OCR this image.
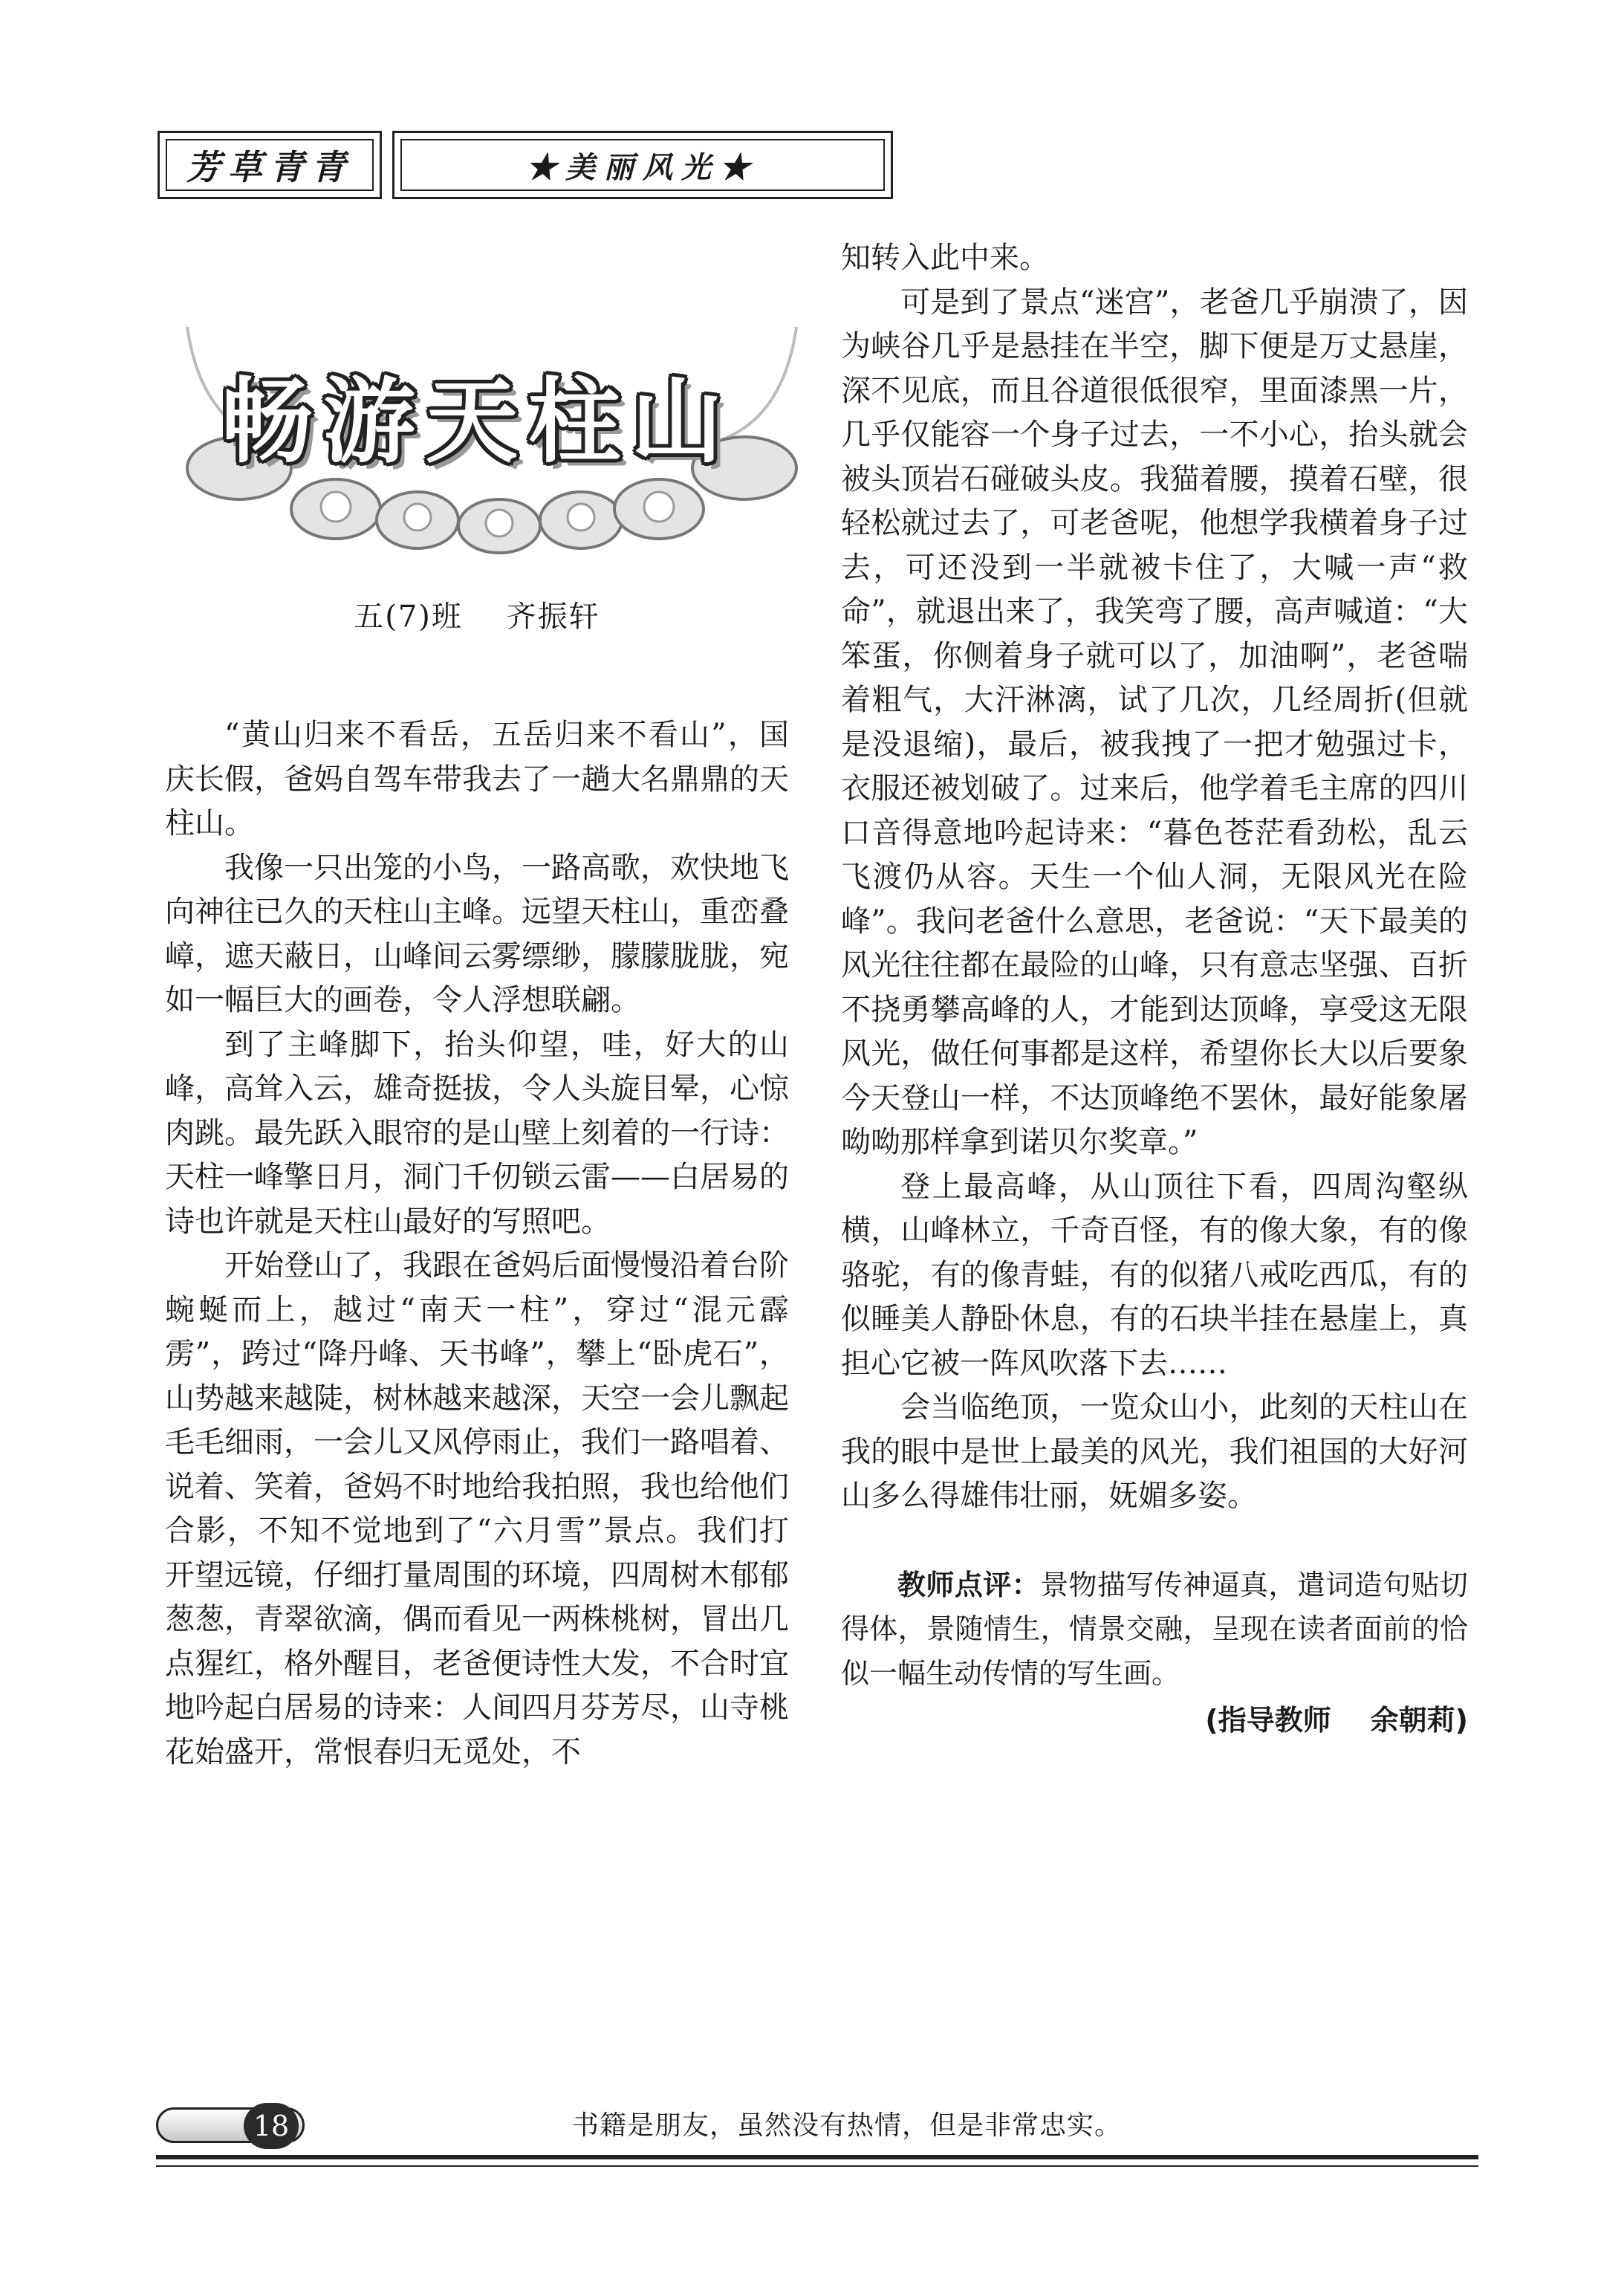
芳草青青	★美丽风光★
畅游天柱山
五(7)班    齐振轩

“黄山归来不看岳，五岳归来不看山”，国庆长假，爸妈自驾车带我去了一趟大名鼎鼎的天柱山。

我像一只出笼的小鸟，一路高歌，欢快地飞向神往已久的天柱山主峰。远望天柱山，重峦叠嶂，遮天蔽日，山峰间云雾缥缈，朦朦胧胧，宛如一幅巨大的画卷，令人浮想联翩。

到了主峰脚下，抬头仰望，哇，好大的山峰，高耸入云，雄奇挺拔，令人头旋目晕，心惊肉跳。最先跃入眼帘的是山壁上刻着的一行诗：天柱一峰擎日月，洞门千仞锁云雷——白居易的诗也许就是天柱山最好的写照吧。

开始登山了，我跟在爸妈后面慢慢沿着台阶蜿蜒而上，越过“南天一柱”，穿过“混元霹雳”，跨过“降丹峰、天书峰”，攀上“卧虎石”，山势越来越陡，树林越来越深，天空一会儿飘起毛毛细雨，一会儿又风停雨止，我们一路唱着、说着、笑着，爸妈不时地给我拍照，我也给他们合影，不知不觉地到了“六月雪”景点。我们打开望远镜，仔细打量周围的环境，四周树木郁郁葱葱，青翠欲滴，偶而看见一两株桃树，冒出几点猩红，格外醒目，老爸便诗性大发，不合时宜地吟起白居易的诗来：人间四月芬芳尽，山寺桃花始盛开，常恨春归无觅处，不

知转入此中来。

可是到了景点“迷宫”，老爸几乎崩溃了，因为峡谷几乎是悬挂在半空，脚下便是万丈悬崖，深不见底，而且谷道很低很窄，里面漆黑一片，几乎仅能容一个身子过去，一不小心，抬头就会被头顶岩石碰破头皮。我猫着腰，摸着石壁，很轻松就过去了，可老爸呢，他想学我横着身子过去，可还没到一半就被卡住了，大喊一声“救命”，就退出来了，我笑弯了腰，高声喊道：“大笨蛋，你侧着身子就可以了，加油啊”，老爸喘着粗气，大汗淋漓，试了几次，几经周折(但就是没退缩)，最后，被我拽了一把才勉强过卡，衣服还被划破了。过来后，他学着毛主席的四川口音得意地吟起诗来：“暮色苍茫看劲松，乱云飞渡仍从容。天生一个仙人洞，无限风光在险峰”。我问老爸什么意思，老爸说：“天下最美的风光往往都在最险的山峰，只有意志坚强、百折不挠勇攀高峰的人，才能到达顶峰，享受这无限风光，做任何事都是这样，希望你长大以后要象今天登山一样，不达顶峰绝不罢休，最好能象屠呦呦那样拿到诺贝尔奖章。”

登上最高峰，从山顶往下看，四周沟壑纵横，山峰林立，千奇百怪，有的像大象，有的像骆驼，有的像青蛙，有的似猪八戒吃西瓜，有的似睡美人静卧休息，有的石块半挂在悬崖上，真担心它被一阵风吹落下去……

会当临绝顶，一览众山小，此刻的天柱山在我的眼中是世上最美的风光，我们祖国的大好河山多么得雄伟壮丽，妩媚多姿。

教师点评：景物描写传神逼真，遣词造句贴切得体，景随情生，情景交融，呈现在读者面前的恰似一幅生动传情的写生画。

(指导教师    余朝莉)
18	书籍是朋友，虽然没有热情，但是非常忠实。
